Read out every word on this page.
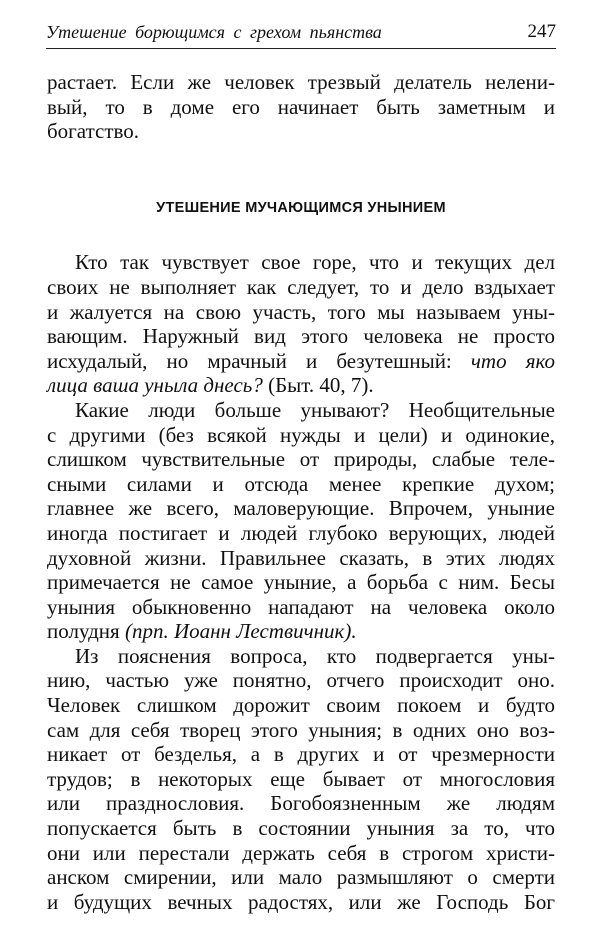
Утешение борющимся с грехом пьянства	247
растает. Если же человек трезвый делатель нелени-
вый, то в доме его начинает быть заметным и
богатство.
УТЕШЕНИЕ МУЧАЮЩИМСЯ УНЫНИЕМ
Кто так чувствует свое горе, что и текущих дел
своих не выполняет как следует, то и дело вздыхает
и жалуется на свою участь, того мы называем уны-
вающим. Наружный вид этого человека не просто
исхудалый, но мрачный и безутешный: что яко
лица ваша уныла днесь? (Быт. 40, 7).
Какие люди больше унывают? Необщительные
с другими (без всякой нужды и цели) и одинокие,
слишком чувствительные от природы, слабые теле-
сными силами и отсюда менее крепкие духом;
главнее же всего, маловерующие. Впрочем, уныние
иногда постигает и людей глубоко верующих, людей
духовной жизни. Правильнее сказать, в этих людях
примечается не самое уныние, а борьба с ним. Бесы
уныния обыкновенно нападают на человека около
полудня (прп. Иоанн Лествичник).
Из пояснения вопроса, кто подвергается уны-
нию, частью уже понятно, отчего происходит оно.
Человек слишком дорожит своим покоем и будто
сам для себя творец этого уныния; в одних оно воз-
никает от безделья, а в других и от чрезмерности
трудов; в некоторых еще бывает от многословия
или празднословия. Богобоязненным же людям
попускается быть в состоянии уныния за то, что
они или перестали держать себя в строгом христи-
анском смирении, или мало размышляют о смерти
и будущих вечных радостях, или же Господь Бог
